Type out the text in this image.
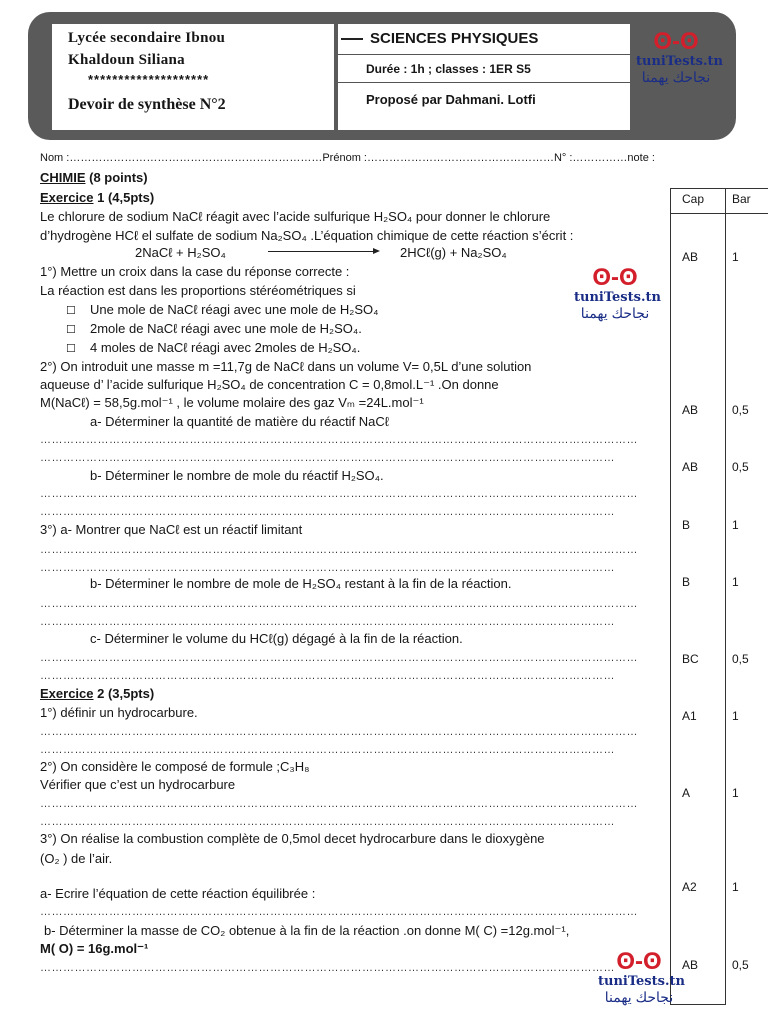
Lycée secondaire Ibnou
Khaldoun Siliana
********************
Devoir de synthèse N°2
SCIENCES PHYSIQUES
Durée : 1h ; classes : 1ER S5
Proposé par Dahmani. Lotfi
ʘ-ʘ
tuniTests.tn
نجاحك يهمنا
Nom :……………………………………………………………Prénom :……………………………………………N° :……………note :
Cap Bar
AB	1
AB	0,5
AB	0,5
B	1
B	1
BC	0,5
A1	1
A	1
A2	1
AB	0,5
CHIMIE (8 points)
Exercice 1 (4,5pts)
Le chlorure de sodium NaCℓ réagit avec l’acide sulfurique H₂SO₄ pour donner le chlorure
d’hydrogène HCℓ el sulfate de sodium Na₂SO₄ .L’équation chimique de cette réaction s’écrit :
2NaCℓ + H₂SO₄	2HCℓ(g) + Na₂SO₄
1°) Mettre un croix dans la case du réponse correcte :
La réaction est dans les proportions stéréométriques si	ʘ-ʘ
tuniTests.tn
نجاحك يهمنا
☐ Une mole de NaCℓ réagi avec une mole de H₂SO₄
☐ 2mole de NaCℓ réagi avec une mole de H₂SO₄.
☐ 4 moles de NaCℓ réagi avec 2moles de H₂SO₄.
2°) On introduit une masse m =11,7g de NaCℓ dans un volume V= 0,5L d’une solution
aqueuse d’ l’acide sulfurique H₂SO₄ de concentration C = 0,8mol.L⁻¹ .On donne
M(NaCℓ) = 58,5g.mol⁻¹ , le volume molaire des gaz Vₘ =24L.mol⁻¹
a- Déterminer la quantité de matière du réactif NaCℓ
…………………………………………………………………………………………………………………………………………
……………………………………………………………………………………………………………………………………
b- Déterminer le nombre de mole du réactif H₂SO₄.
…………………………………………………………………………………………………………………………………………
……………………………………………………………………………………………………………………………………
3°) a- Montrer que NaCℓ est un réactif limitant
…………………………………………………………………………………………………………………………………………
……………………………………………………………………………………………………………………………………
b- Déterminer le nombre de mole de H₂SO₄ restant à la fin de la réaction.
…………………………………………………………………………………………………………………………………………
……………………………………………………………………………………………………………………………………
c- Déterminer le volume du HCℓ(g) dégagé à la fin de la réaction.
…………………………………………………………………………………………………………………………………………
……………………………………………………………………………………………………………………………………
Exercice 2 (3,5pts)
1°) définir un hydrocarbure.
…………………………………………………………………………………………………………………………………………
……………………………………………………………………………………………………………………………………
2°) On considère le composé de formule ;C₃H₈
Vérifier que c’est un hydrocarbure
…………………………………………………………………………………………………………………………………………
……………………………………………………………………………………………………………………………………
3°) On réalise la combustion complète de 0,5mol decet hydrocarbure dans le dioxygène
(O₂ ) de l’air.
a- Ecrire l’équation de cette réaction équilibrée :
…………………………………………………………………………………………………………………………………………
b- Déterminer la masse de CO₂ obtenue à la fin de la réaction .on donne M( C) =12g.mol⁻¹,
M( O) = 16g.mol⁻¹
…………………………………………………………………………………………………………………………………… ʘ-ʘ
tuniTests.tn
نجاحك يهمنا
